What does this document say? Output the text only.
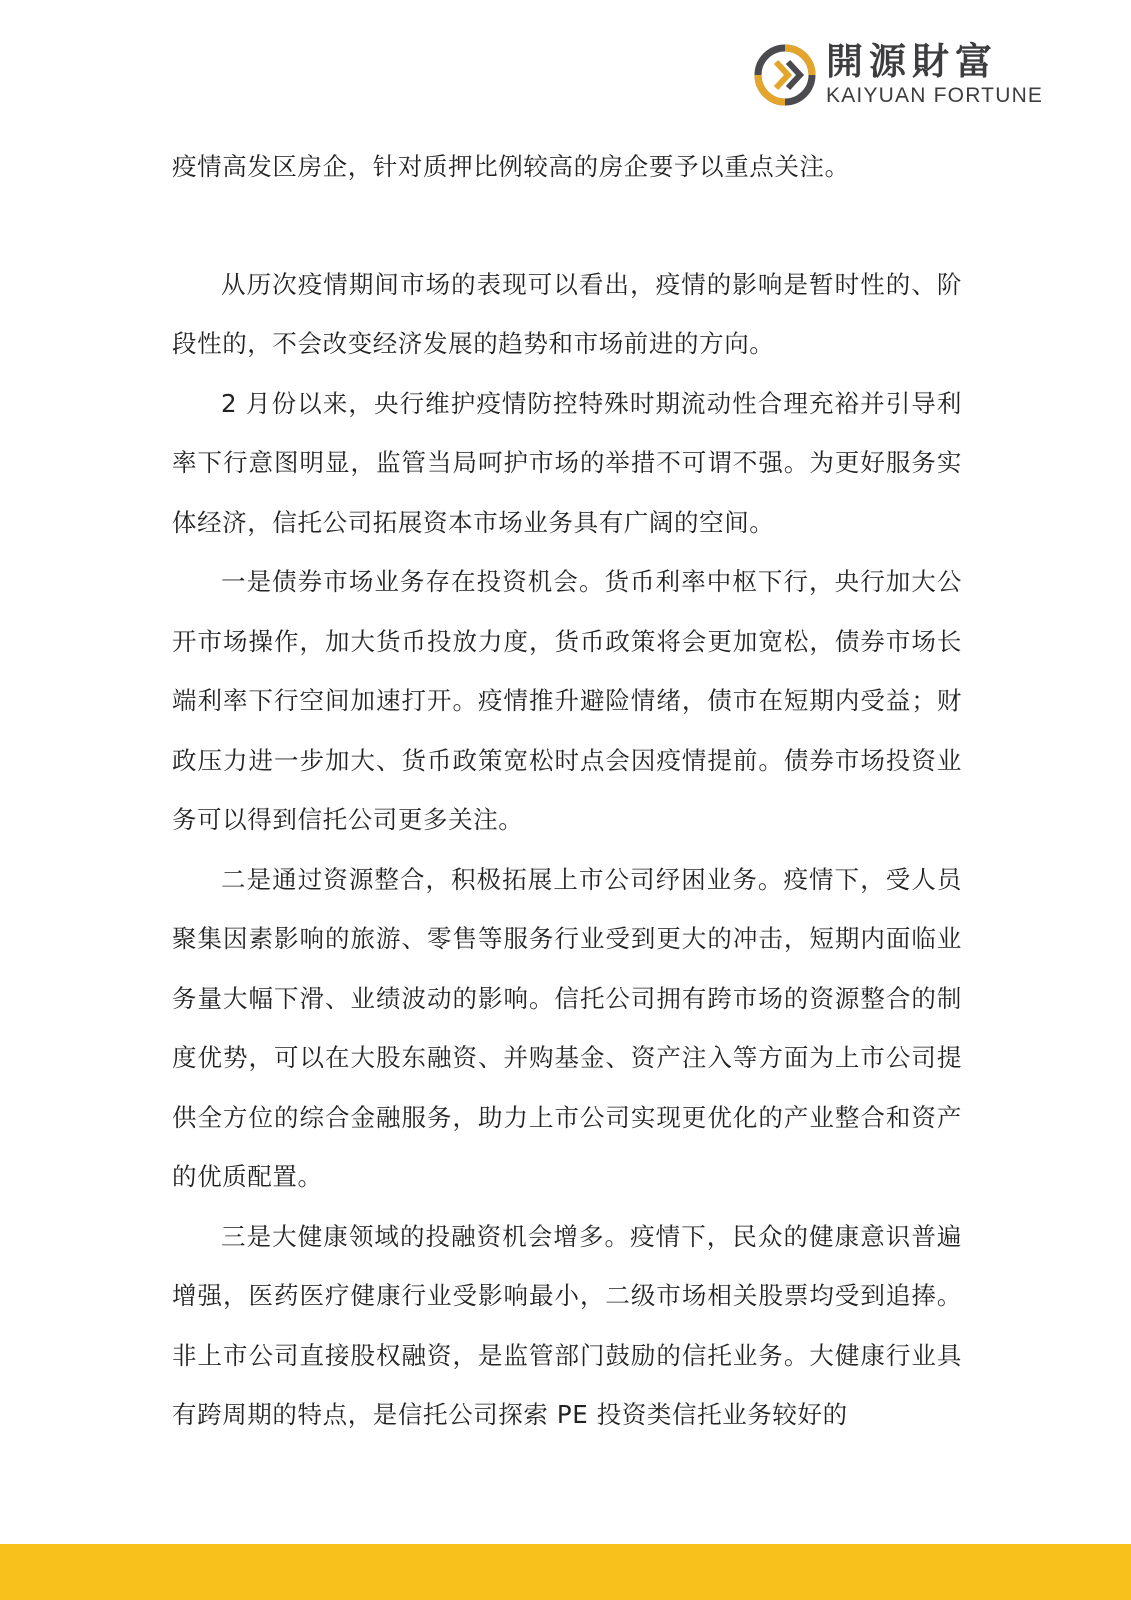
開源財富
KAIYUAN FORTUNE

疫情高发区房企，针对质押比例较高的房企要予以重点关注。

从历次疫情期间市场的表现可以看出，疫情的影响是暂时性的、阶段性的，不会改变经济发展的趋势和市场前进的方向。

2 月份以来，央行维护疫情防控特殊时期流动性合理充裕并引导利率下行意图明显，监管当局呵护市场的举措不可谓不强。为更好服务实体经济，信托公司拓展资本市场业务具有广阔的空间。

一是债券市场业务存在投资机会。货币利率中枢下行，央行加大公开市场操作，加大货币投放力度，货币政策将会更加宽松，债券市场长端利率下行空间加速打开。疫情推升避险情绪，债市在短期内受益；财政压力进一步加大、货币政策宽松时点会因疫情提前。债券市场投资业务可以得到信托公司更多关注。

二是通过资源整合，积极拓展上市公司纾困业务。疫情下，受人员聚集因素影响的旅游、零售等服务行业受到更大的冲击，短期内面临业务量大幅下滑、业绩波动的影响。信托公司拥有跨市场的资源整合的制度优势，可以在大股东融资、并购基金、资产注入等方面为上市公司提供全方位的综合金融服务，助力上市公司实现更优化的产业整合和资产的优质配置。

三是大健康领域的投融资机会增多。疫情下，民众的健康意识普遍增强，医药医疗健康行业受影响最小，二级市场相关股票均受到追捧。非上市公司直接股权融资，是监管部门鼓励的信托业务。大健康行业具有跨周期的特点，是信托公司探索 PE 投资类信托业务较好的
